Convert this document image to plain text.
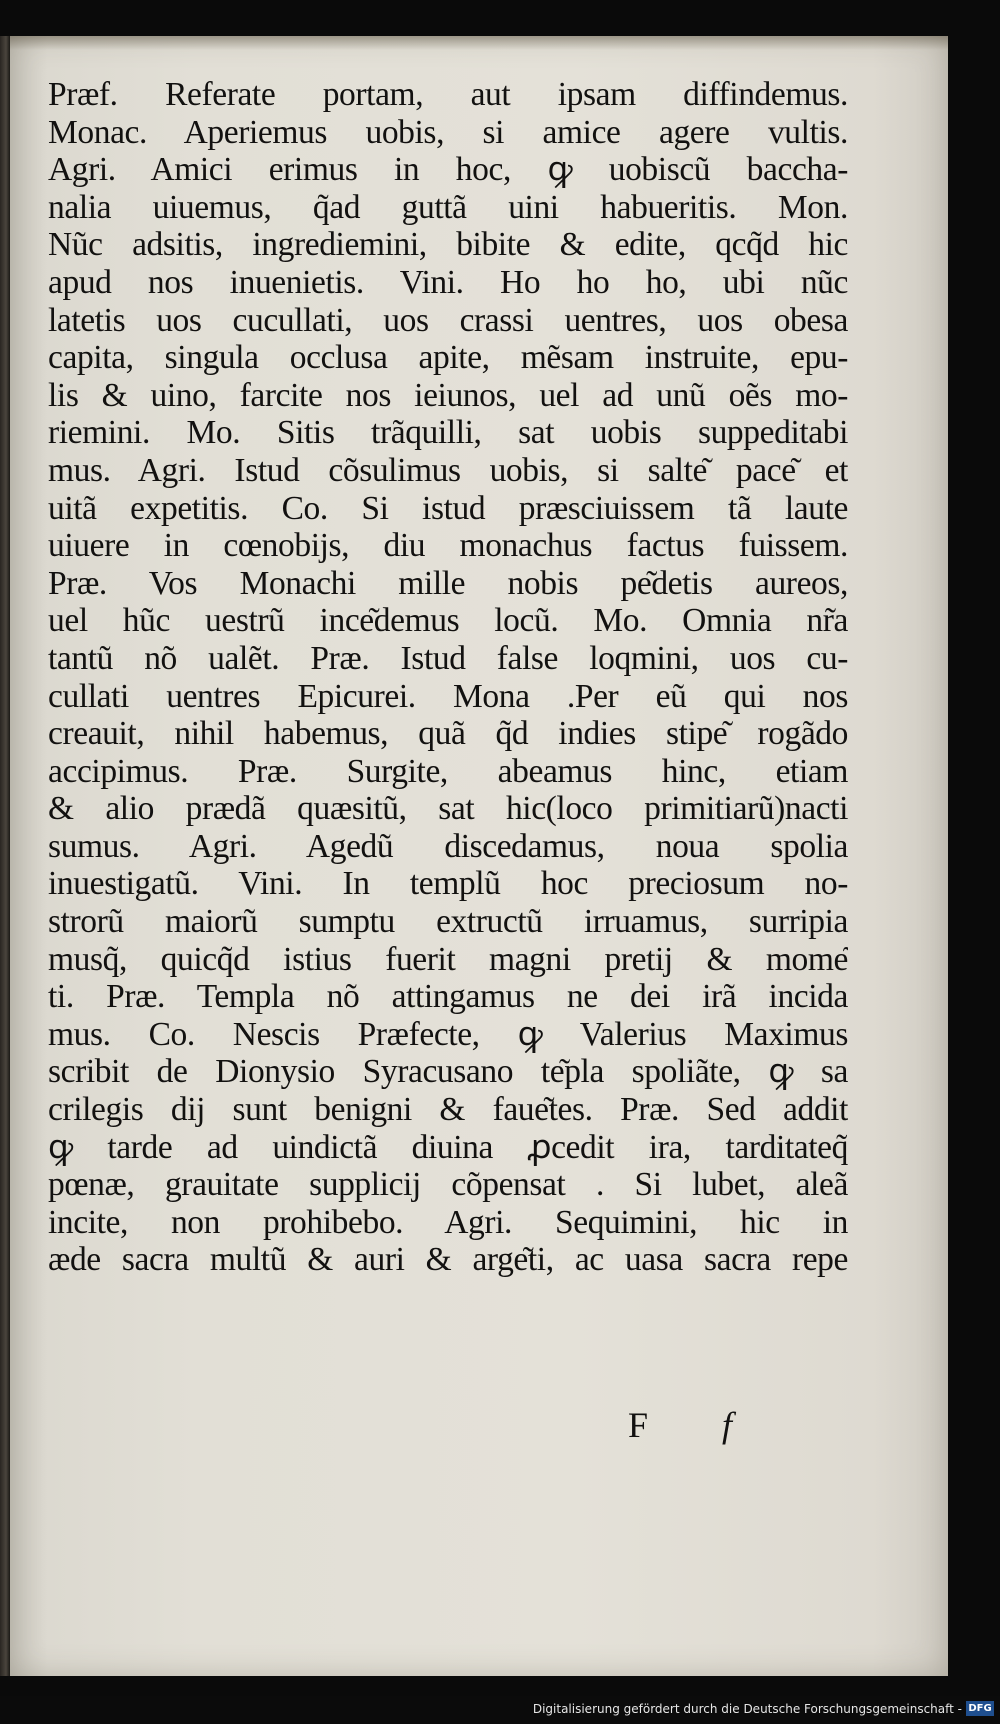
Præf. Referate portam, aut ipsam diffindemus.
Monac. Aperiemus uobis, si amice agere vultis.
Agri. Amici erimus in hoc, ꝙ uobiscũ baccha-
nalia uiuemus, q̃ad guttã uini habueritis. Mon.
Nũc adsitis, ingrediemini, bibite & edite, qcq̃d hic
apud nos inuenietis. Vini. Ho ho ho, ubi nũc
latetis uos cucullati, uos crassi uentres, uos obesa
capita, singula occlusa apite, mẽsam instruite, epu-
lis & uino, farcite nos ieiunos, uel ad unũ oẽs mo-
riemini. Mo. Sitis trãquilli, sat uobis suppeditabi
mus. Agri. Istud cõsulimus uobis, si salte͂ pace͂ et
uitã expetitis. Co. Si istud præsciuissem tã laute
uiuere in cœnobijs, diu monachus factus fuissem.
Præ. Vos Monachi mille nobis pe͂detis aureos,
uel hũc uestrũ ince͂demus locũ. Mo. Omnia nr̃a
tantũ nõ ualẽt. Præ. Istud false loqmini, uos cu-
cullati uentres Epicurei. Mona .Per eũ qui nos
creauit, nihil habemus, quã q̃d indies stipe͂ rogãdo
accipimus. Præ. Surgite, abeamus hinc, etiam
& alio prædã quæsitũ, sat hic(loco primitiarũ)nacti
sumus. Agri. Agedũ discedamus, noua spolia
inuestigatũ. Vini. In templũ hoc preciosum no-
strorũ maiorũ sumptu extructũ irruamus, surripia
musq̃, quicq̃d istius fuerit magni pretij & mome͂
ti. Præ. Templa nõ attingamus ne dei irã incida
mus. Co. Nescis Præfecte, ꝙ Valerius Maximus
scribit de Dionysio Syracusano te͂pla spoliãte, ꝙ sa
crilegis dij sunt benigni & faue͂tes. Præ. Sed addit
ꝙ tarde ad uindictã diuina ꝓcedit ira, tarditateq̃
pœnæ, grauitate supplicij cõpensat . Si lubet, aleã
incite, non prohibebo. Agri. Sequimini, hic in
æde sacra multũ & auri & arge͂ti, ac uasa sacra repe
F f
Digitalisierung gefördert durch die Deutsche Forschungsgemeinschaft - DFG
